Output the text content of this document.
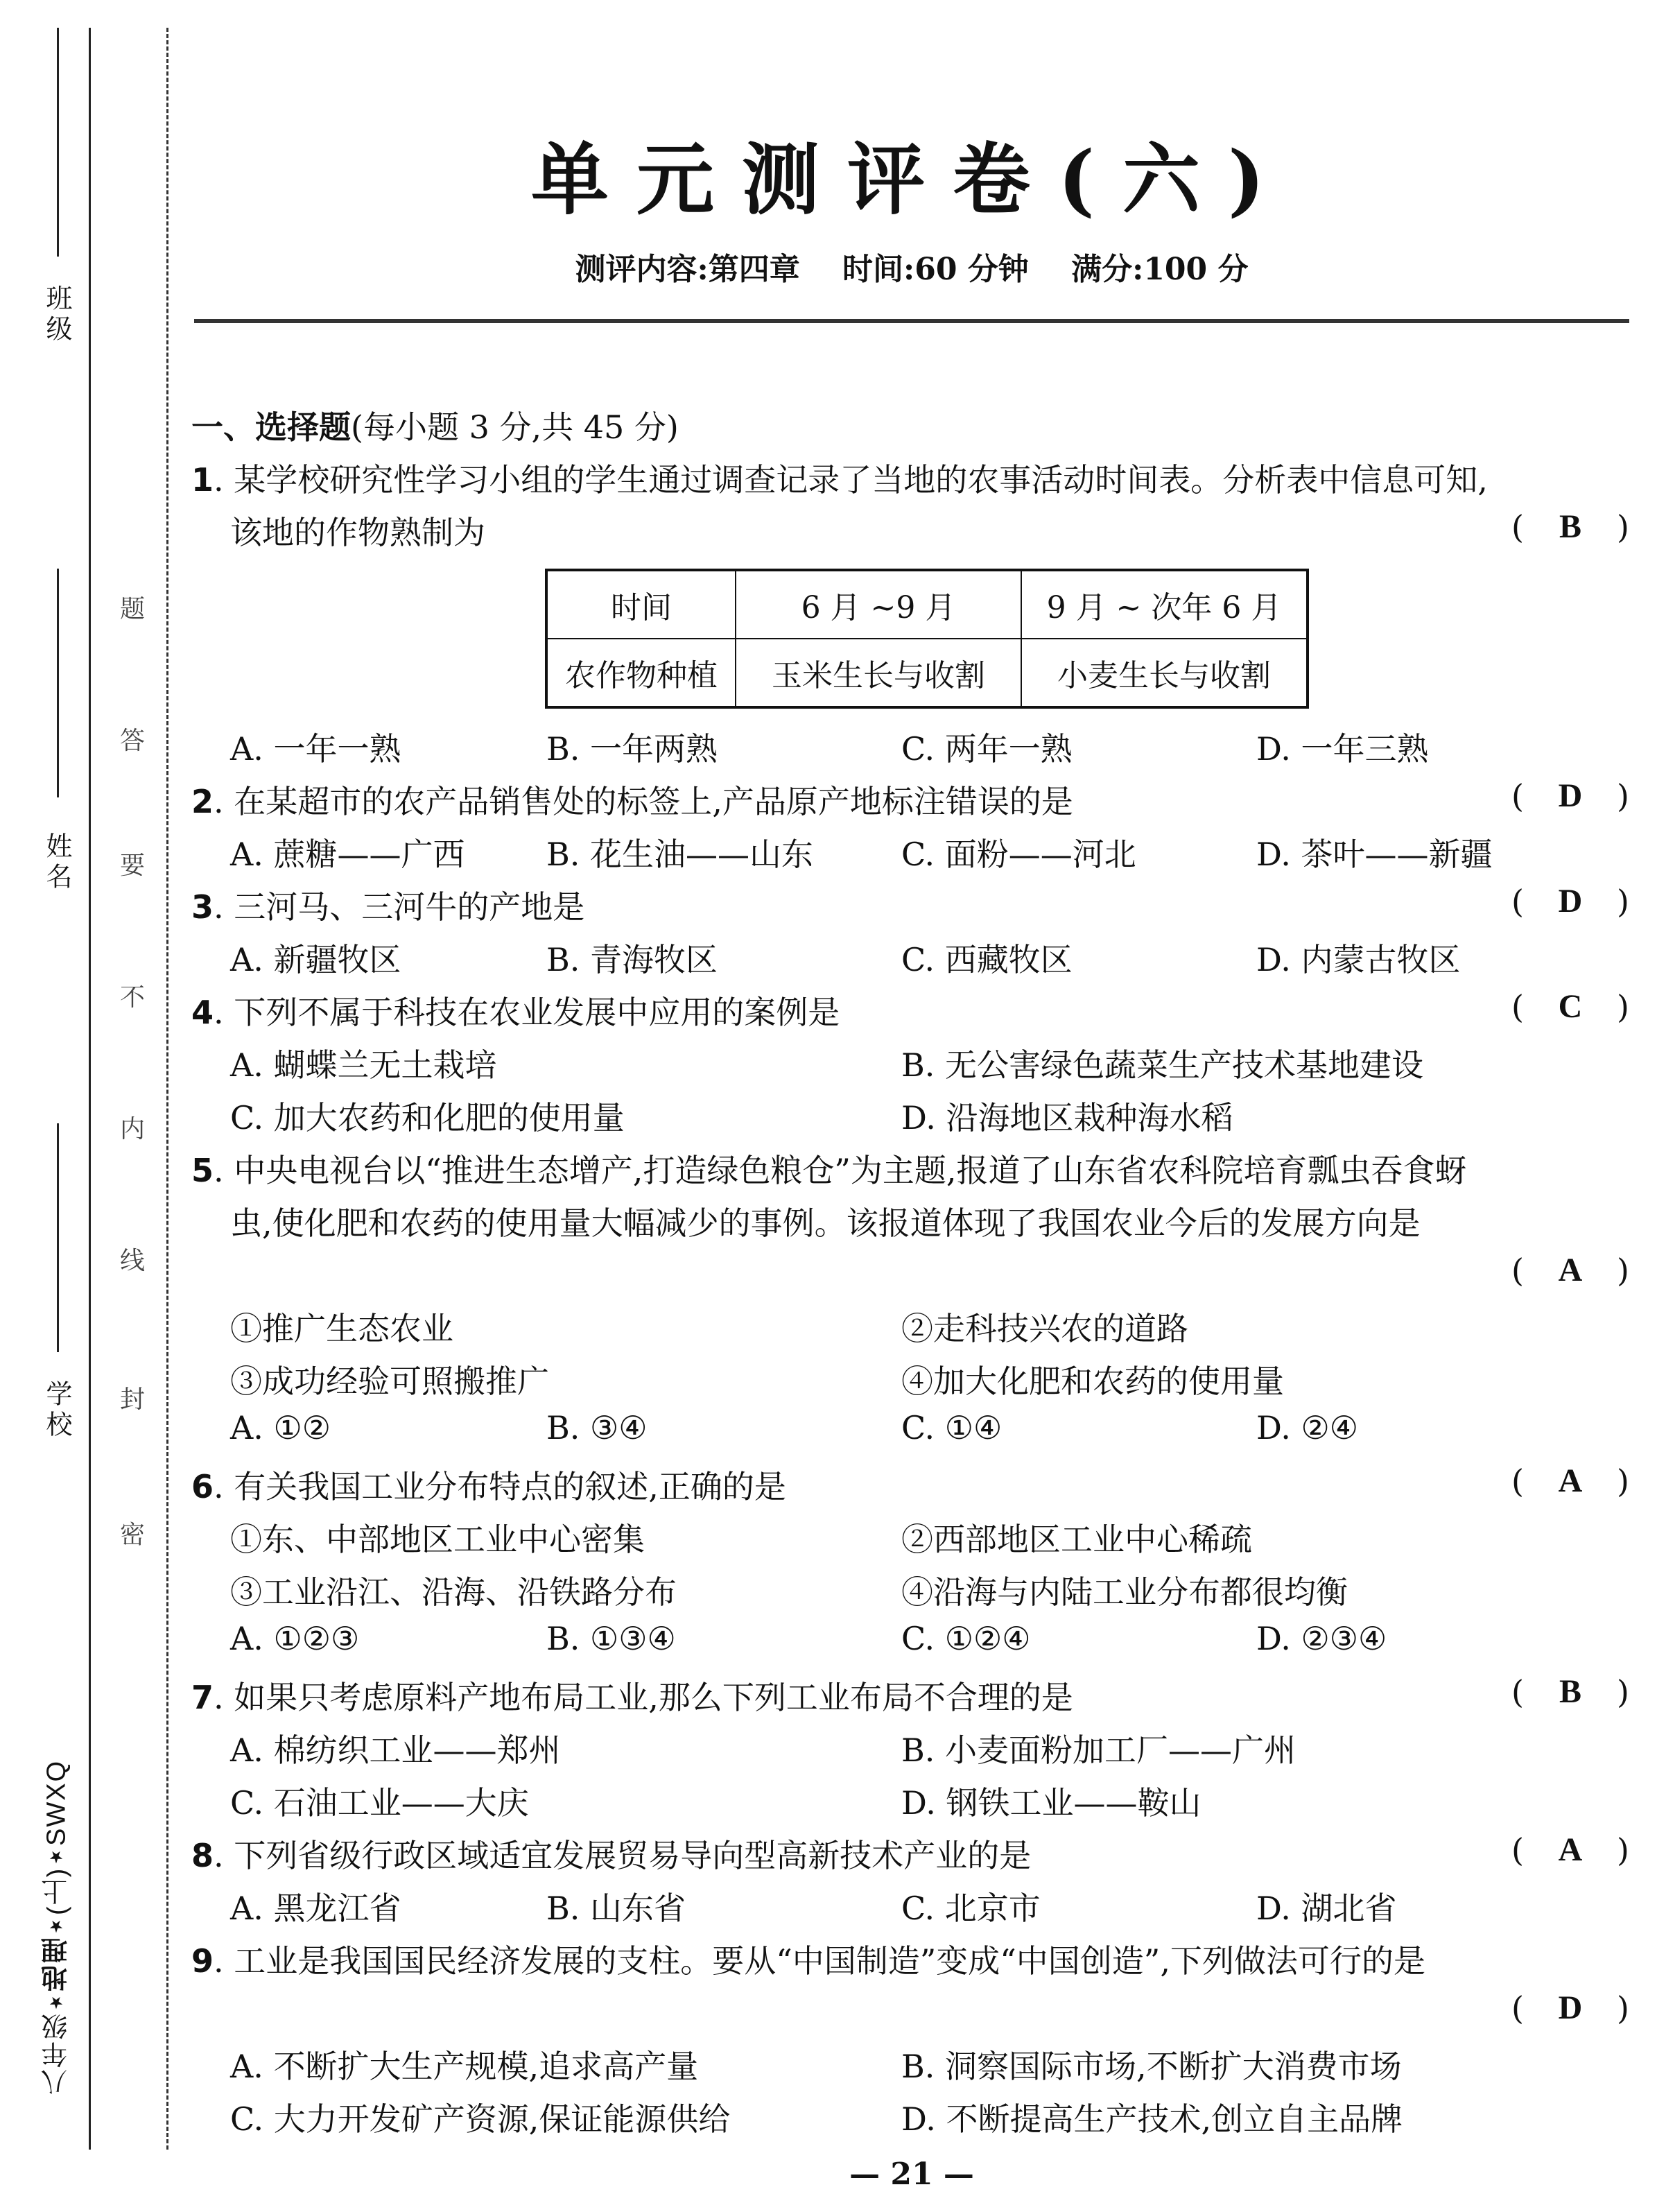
班级
姓名
学校
题
答
要
不
内
线
封
密
八年级
★
地理
★
(上)
★
SWXQ
单元测评卷(六)
测评内容:第四章    时间:60 分钟    满分:100 分
一、选择题(每小题 3 分,共 45 分)
1. 某学校研究性学习小组的学生通过调查记录了当地的农事活动时间表。分析表中信息可知,
该地的作物熟制为	( B )
时间	6 月 ~9 月	9 月 ~ 次年 6 月
农作物种植	玉米生长与收割	小麦生长与收割
A. 一年一熟	B. 一年两熟	C. 两年一熟	D. 一年三熟
2. 在某超市的农产品销售处的标签上,产品原产地标注错误的是	( D )
A. 蔗糖——广西	B. 花生油——山东	C. 面粉——河北	D. 茶叶——新疆
3. 三河马、三河牛的产地是	( D )
A. 新疆牧区	B. 青海牧区	C. 西藏牧区	D. 内蒙古牧区
4. 下列不属于科技在农业发展中应用的案例是	( C )
A. 蝴蝶兰无土栽培	B. 无公害绿色蔬菜生产技术基地建设
C. 加大农药和化肥的使用量	D. 沿海地区栽种海水稻
5. 中央电视台以“推进生态增产,打造绿色粮仓”为主题,报道了山东省农科院培育瓢虫吞食蚜
虫,使化肥和农药的使用量大幅减少的事例。该报道体现了我国农业今后的发展方向是
( A )
①推广生态农业	②走科技兴农的道路
③成功经验可照搬推广	④加大化肥和农药的使用量
A. ①②	B. ③④	C. ①④	D. ②④
6. 有关我国工业分布特点的叙述,正确的是	( A )
①东、中部地区工业中心密集	②西部地区工业中心稀疏
③工业沿江、沿海、沿铁路分布	④沿海与内陆工业分布都很均衡
A. ①②③	B. ①③④	C. ①②④	D. ②③④
7. 如果只考虑原料产地布局工业,那么下列工业布局不合理的是	( B )
A. 棉纺织工业——郑州	B. 小麦面粉加工厂——广州
C. 石油工业——大庆	D. 钢铁工业——鞍山
8. 下列省级行政区域适宜发展贸易导向型高新技术产业的是	( A )
A. 黑龙江省	B. 山东省	C. 北京市	D. 湖北省
9. 工业是我国国民经济发展的支柱。要从“中国制造”变成“中国创造”,下列做法可行的是
( D )
A. 不断扩大生产规模,追求高产量	B. 洞察国际市场,不断扩大消费市场
C. 大力开发矿产资源,保证能源供给	D. 不断提高生产技术,创立自主品牌
— 21 —
